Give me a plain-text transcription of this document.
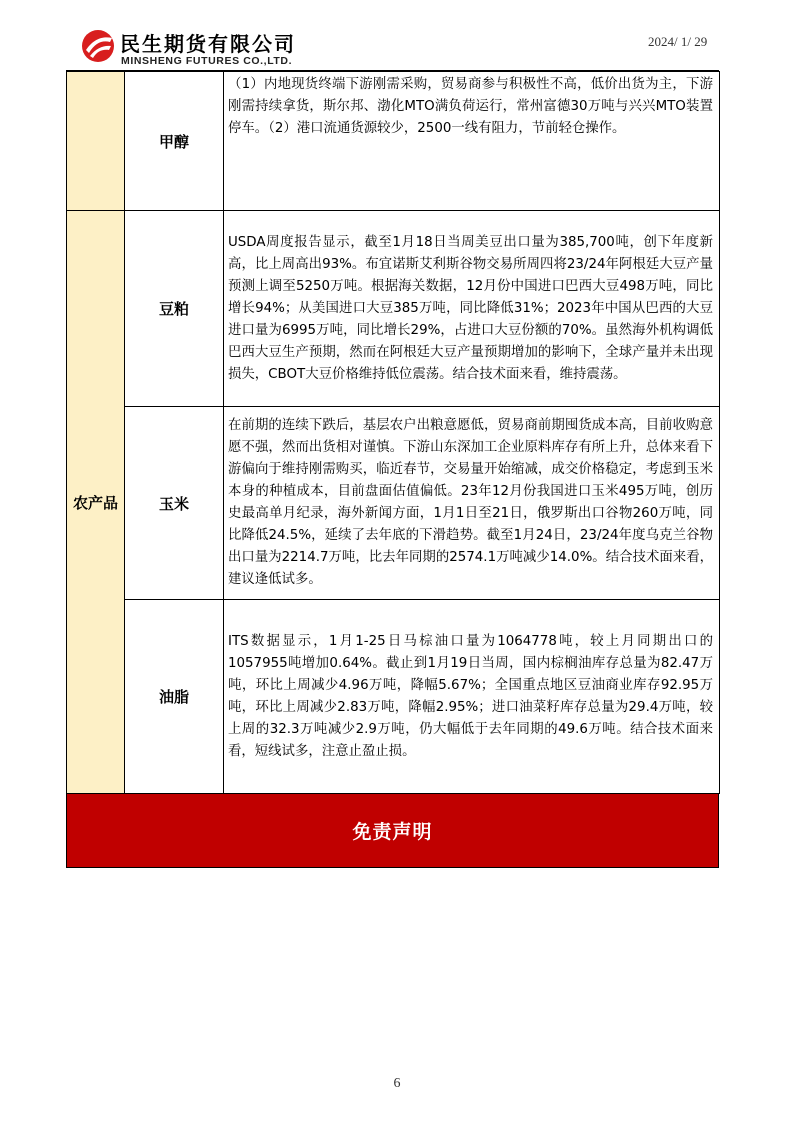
民生期货有限公司
MINSHENG FUTURES CO.,LTD.
2024/ 1/ 29
	甲醇	（1）内地现货终端下游刚需采购，贸易商参与积极性不高，低价出货为主，下游刚需持续拿货，斯尔邦、渤化MTO满负荷运行，常州富德30万吨与兴兴MTO装置停车。（2）港口流通货源较少，2500一线有阻力，节前轻仓操作。
农产品	豆粕	USDA周度报告显示，截至1月18日当周美豆出口量为385,700吨，创下年度新高，比上周高出93%。布宜诺斯艾利斯谷物交易所周四将23/24年阿根廷大豆产量预测上调至5250万吨。根据海关数据，12月份中国进口巴西大豆498万吨，同比增长94%；从美国进口大豆385万吨，同比降低31%；2023年中国从巴西的大豆进口量为6995万吨，同比增长29%，占进口大豆份额的70%。虽然海外机构调低巴西大豆生产预期，然而在阿根廷大豆产量预期增加的影响下，全球产量并未出现损失，CBOT大豆价格维持低位震荡。结合技术面来看，维持震荡。
	玉米	在前期的连续下跌后，基层农户出粮意愿低，贸易商前期囤货成本高，目前收购意愿不强，然而出货相对谨慎。下游山东深加工企业原料库存有所上升，总体来看下游偏向于维持刚需购买，临近春节，交易量开始缩减，成交价格稳定，考虑到玉米本身的种植成本，目前盘面估值偏低。23年12月份我国进口玉米495万吨，创历史最高单月纪录，海外新闻方面，1月1日至21日，俄罗斯出口谷物260万吨，同比降低24.5%，延续了去年底的下滑趋势。截至1月24日，23/24年度乌克兰谷物出口量为2214.7万吨，比去年同期的2574.1万吨减少14.0%。结合技术面来看，建议逢低试多。
	油脂	ITS数据显示，1月1-25日马棕油口量为1064778吨，较上月同期出口的1057955吨增加0.64%。截止到1月19日当周，国内棕榈油库存总量为82.47万吨，环比上周减少4.96万吨，降幅5.67%；全国重点地区豆油商业库存92.95万吨，环比上周减少2.83万吨，降幅2.95%；进口油菜籽库存总量为29.4万吨，较上周的32.3万吨减少2.9万吨，仍大幅低于去年同期的49.6万吨。结合技术面来看，短线试多，注意止盈止损。
免责声明
6
